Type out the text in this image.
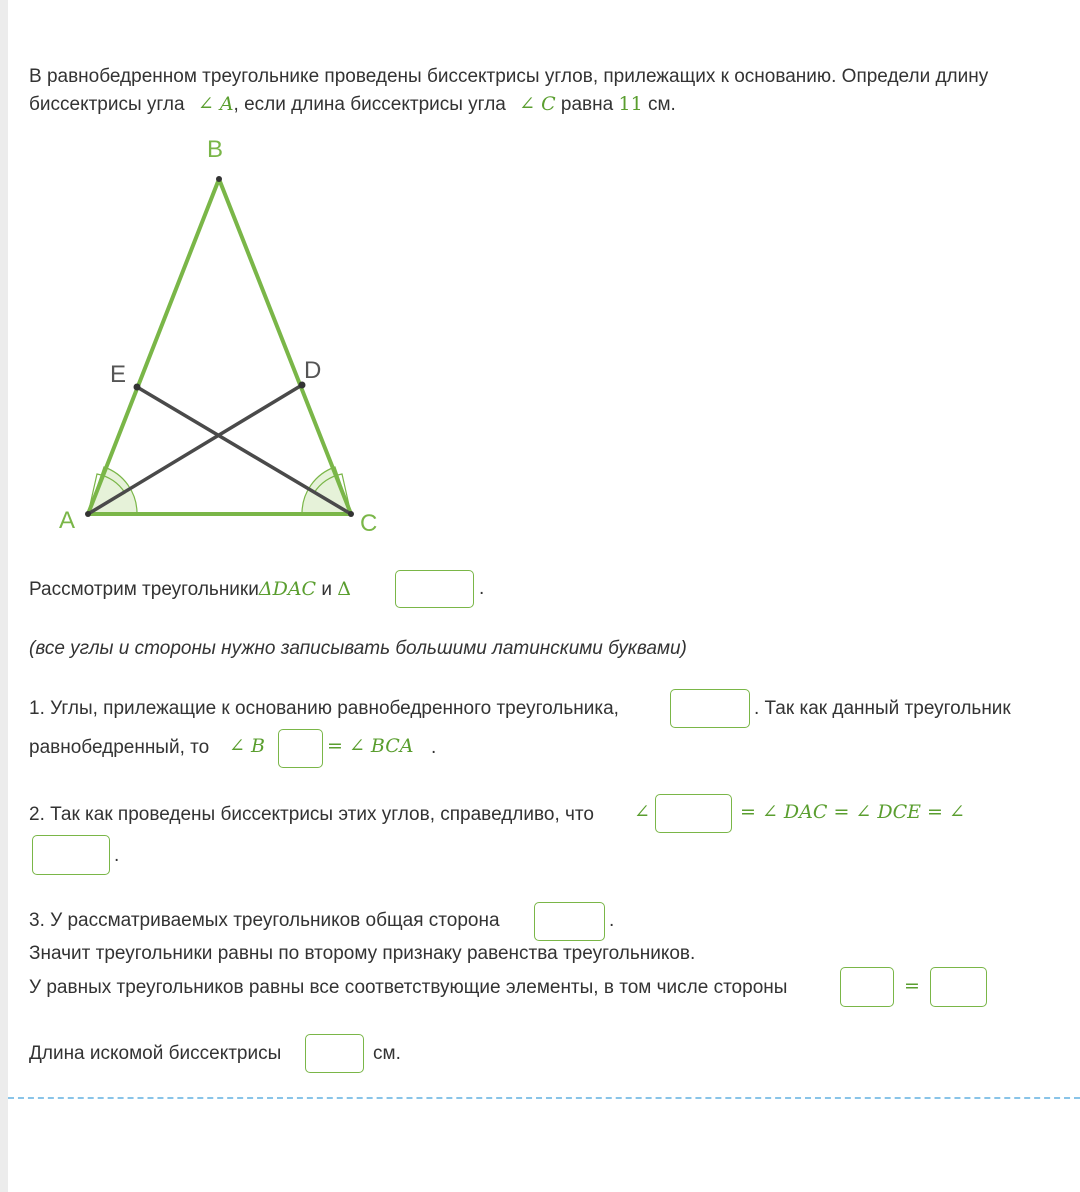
В равнобедренном треугольнике проведены биссектрисы углов, прилежащих к основанию. Определи длину
биссектрисы угла ∠ A, если длина биссектрисы угла ∠ C равна 11 см.
B
E	D
A	C
Рассмотрим треугольникиΔDAC и Δ	.
(все углы и стороны нужно записывать большими латинскими буквами)
1. Углы, прилежащие к основанию равнобедренного треугольника,	. Так как данный треугольник
равнобедренный, то ∠ B	= ∠ BCA .
2. Так как проведены биссектрисы этих углов, справедливо, что ∠	= ∠ DAC = ∠ DCE = ∠
.
3. У рассматриваемых треугольников общая сторона	.
Значит треугольники равны по второму признаку равенства треугольников.
У равных треугольников равны все соответствующие элементы, в том числе стороны	=
Длина искомой биссектрисы	см.
